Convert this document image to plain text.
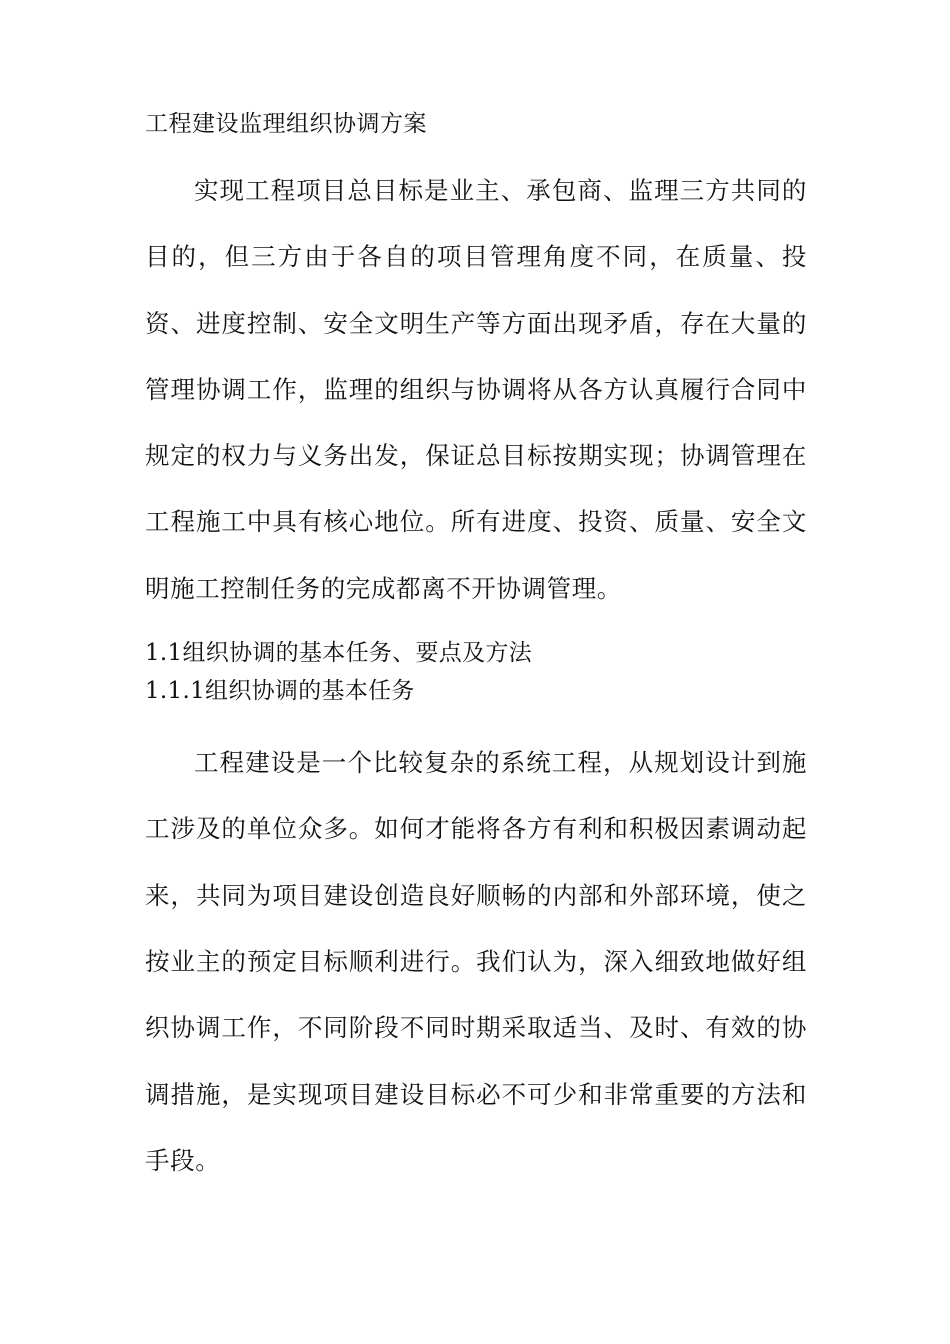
工程建设监理组织协调方案

实现工程项目总目标是业主、承包商、监理三方共同的目的，但三方由于各自的项目管理角度不同，在质量、投资、进度控制、安全文明生产等方面出现矛盾，存在大量的管理协调工作，监理的组织与协调将从各方认真履行合同中规定的权力与义务出发，保证总目标按期实现；协调管理在工程施工中具有核心地位。所有进度、投资、质量、安全文明施工控制任务的完成都离不开协调管理。

1.1组织协调的基本任务、要点及方法
1.1.1组织协调的基本任务

工程建设是一个比较复杂的系统工程，从规划设计到施工涉及的单位众多。如何才能将各方有利和积极因素调动起来，共同为项目建设创造良好顺畅的内部和外部环境，使之按业主的预定目标顺利进行。我们认为，深入细致地做好组织协调工作，不同阶段不同时期采取适当、及时、有效的协调措施，是实现项目建设目标必不可少和非常重要的方法和手段。
